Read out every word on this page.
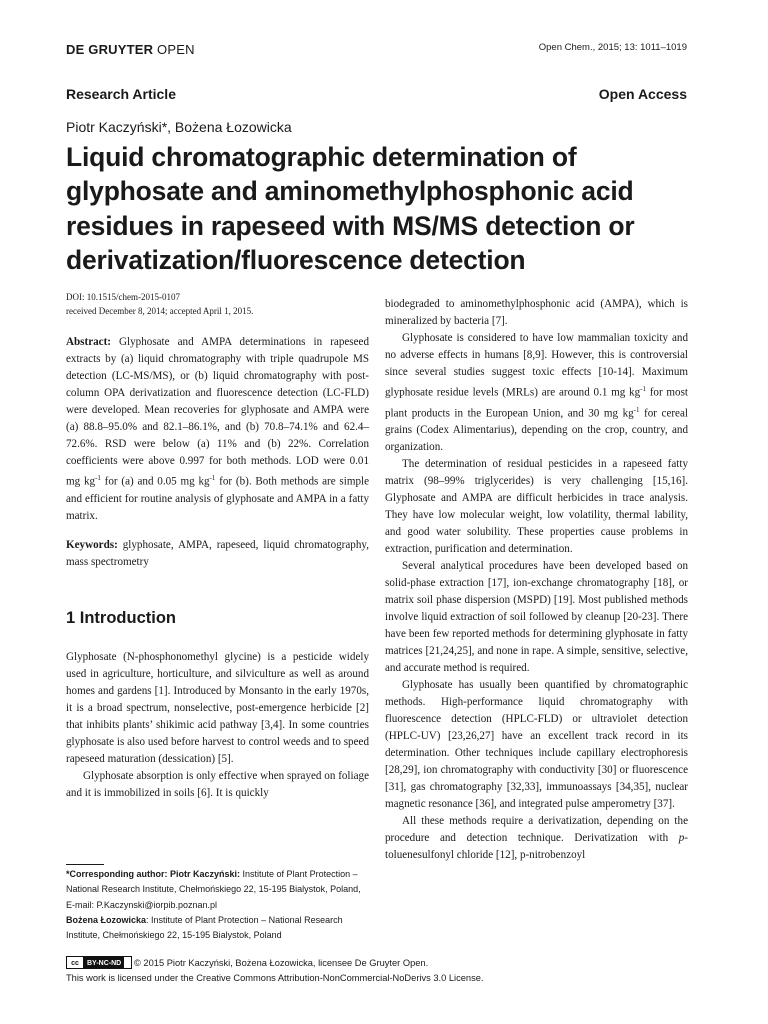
DE GRUYTER OPEN	Open Chem., 2015; 13: 1011–1019
Research Article	Open Access
Piotr Kaczyński*, Bożena Łozowicka
Liquid chromatographic determination of glyphosate and aminomethylphosphonic acid residues in rapeseed with MS/MS detection or derivatization/fluorescence detection
DOI: 10.1515/chem-2015-0107
received December 8, 2014; accepted April 1, 2015.

Abstract: Glyphosate and AMPA determinations in rapeseed extracts by (a) liquid chromatography with triple quadrupole MS detection (LC-MS/MS), or (b) liquid chromatography with post-column OPA derivatization and fluorescence detection (LC-FLD) were developed. Mean recoveries for glyphosate and AMPA were (a) 88.8–95.0% and 82.1–86.1%, and (b) 70.8–74.1% and 62.4–72.6%. RSD were below (a) 11% and (b) 22%. Correlation coefficients were above 0.997 for both methods. LOD were 0.01 mg $kg^{-1}$ for (a) and 0.05 mg $kg^{-1}$ for (b). Both methods are simple and efficient for routine analysis of glyphosate and AMPA in a fatty matrix.

Keywords: glyphosate, AMPA, rapeseed, liquid chromatography, mass spectrometry

1 Introduction

Glyphosate (N-phosphonomethyl glycine) is a pesticide widely used in agriculture, horticulture, and silviculture as well as around homes and gardens [1]. Introduced by Monsanto in the early 1970s, it is a broad spectrum, nonselective, post-emergence herbicide [2] that inhibits plants’ shikimic acid pathway [3,4]. In some countries glyphosate is also used before harvest to control weeds and to speed rapeseed maturation (dessication) [5].

Glyphosate absorption is only effective when sprayed on foliage and it is immobilized in soils [6]. It is quickly

*Corresponding author: Piotr Kaczyński: Institute of Plant Protection – National Research Institute, Chełmońskiego 22, 15-195 Bialystok, Poland, E-mail: P.Kaczynski@iorpib.poznan.pl
Bożena Łozowicka: Institute of Plant Protection – National Research Institute, Chełmońskiego 22, 15-195 Bialystok, Poland

biodegraded to aminomethylphosphonic acid (AMPA), which is mineralized by bacteria [7].

Glyphosate is considered to have low mammalian toxicity and no adverse effects in humans [8,9]. However, this is controversial since several studies suggest toxic effects [10-14]. Maximum glyphosate residue levels (MRLs) are around 0.1 mg $kg^{-1}$ for most plant products in the European Union, and 30 mg $kg^{-1}$ for cereal grains (Codex Alimentarius), depending on the crop, country, and organization.

The determination of residual pesticides in a rapeseed fatty matrix (98–99% triglycerides) is very challenging [15,16]. Glyphosate and AMPA are difficult herbicides in trace analysis. They have low molecular weight, low volatility, thermal lability, and good water solubility. These properties cause problems in extraction, purification and determination.

Several analytical procedures have been developed based on solid-phase extraction [17], ion-exchange chromatography [18], or matrix soil phase dispersion (MSPD) [19]. Most published methods involve liquid extraction of soil followed by cleanup [20-23]. There have been few reported methods for determining glyphosate in fatty matrices [21,24,25], and none in rape. A simple, sensitive, selective, and accurate method is required.

Glyphosate has usually been quantified by chromatographic methods. High-performance liquid chromatography with fluorescence detection (HPLC-FLD) or ultraviolet detection (HPLC-UV) [23,26,27] have an excellent track record in its determination. Other techniques include capillary electrophoresis [28,29], ion chromatography with conductivity [30] or fluorescence [31], gas chromatography [32,33], immunoassays [34,35], nuclear magnetic resonance [36], and integrated pulse amperometry [37].

All these methods require a derivatization, depending on the procedure and detection technique. Derivatization with p-toluenesulfonyl chloride [12], p-nitrobenzoyl

cc BY-NC-ND © 2015 Piotr Kaczyński, Bożena Łozowicka, licensee De Gruyter Open.
This work is licensed under the Creative Commons Attribution-NonCommercial-NoDerivs 3.0 License.
